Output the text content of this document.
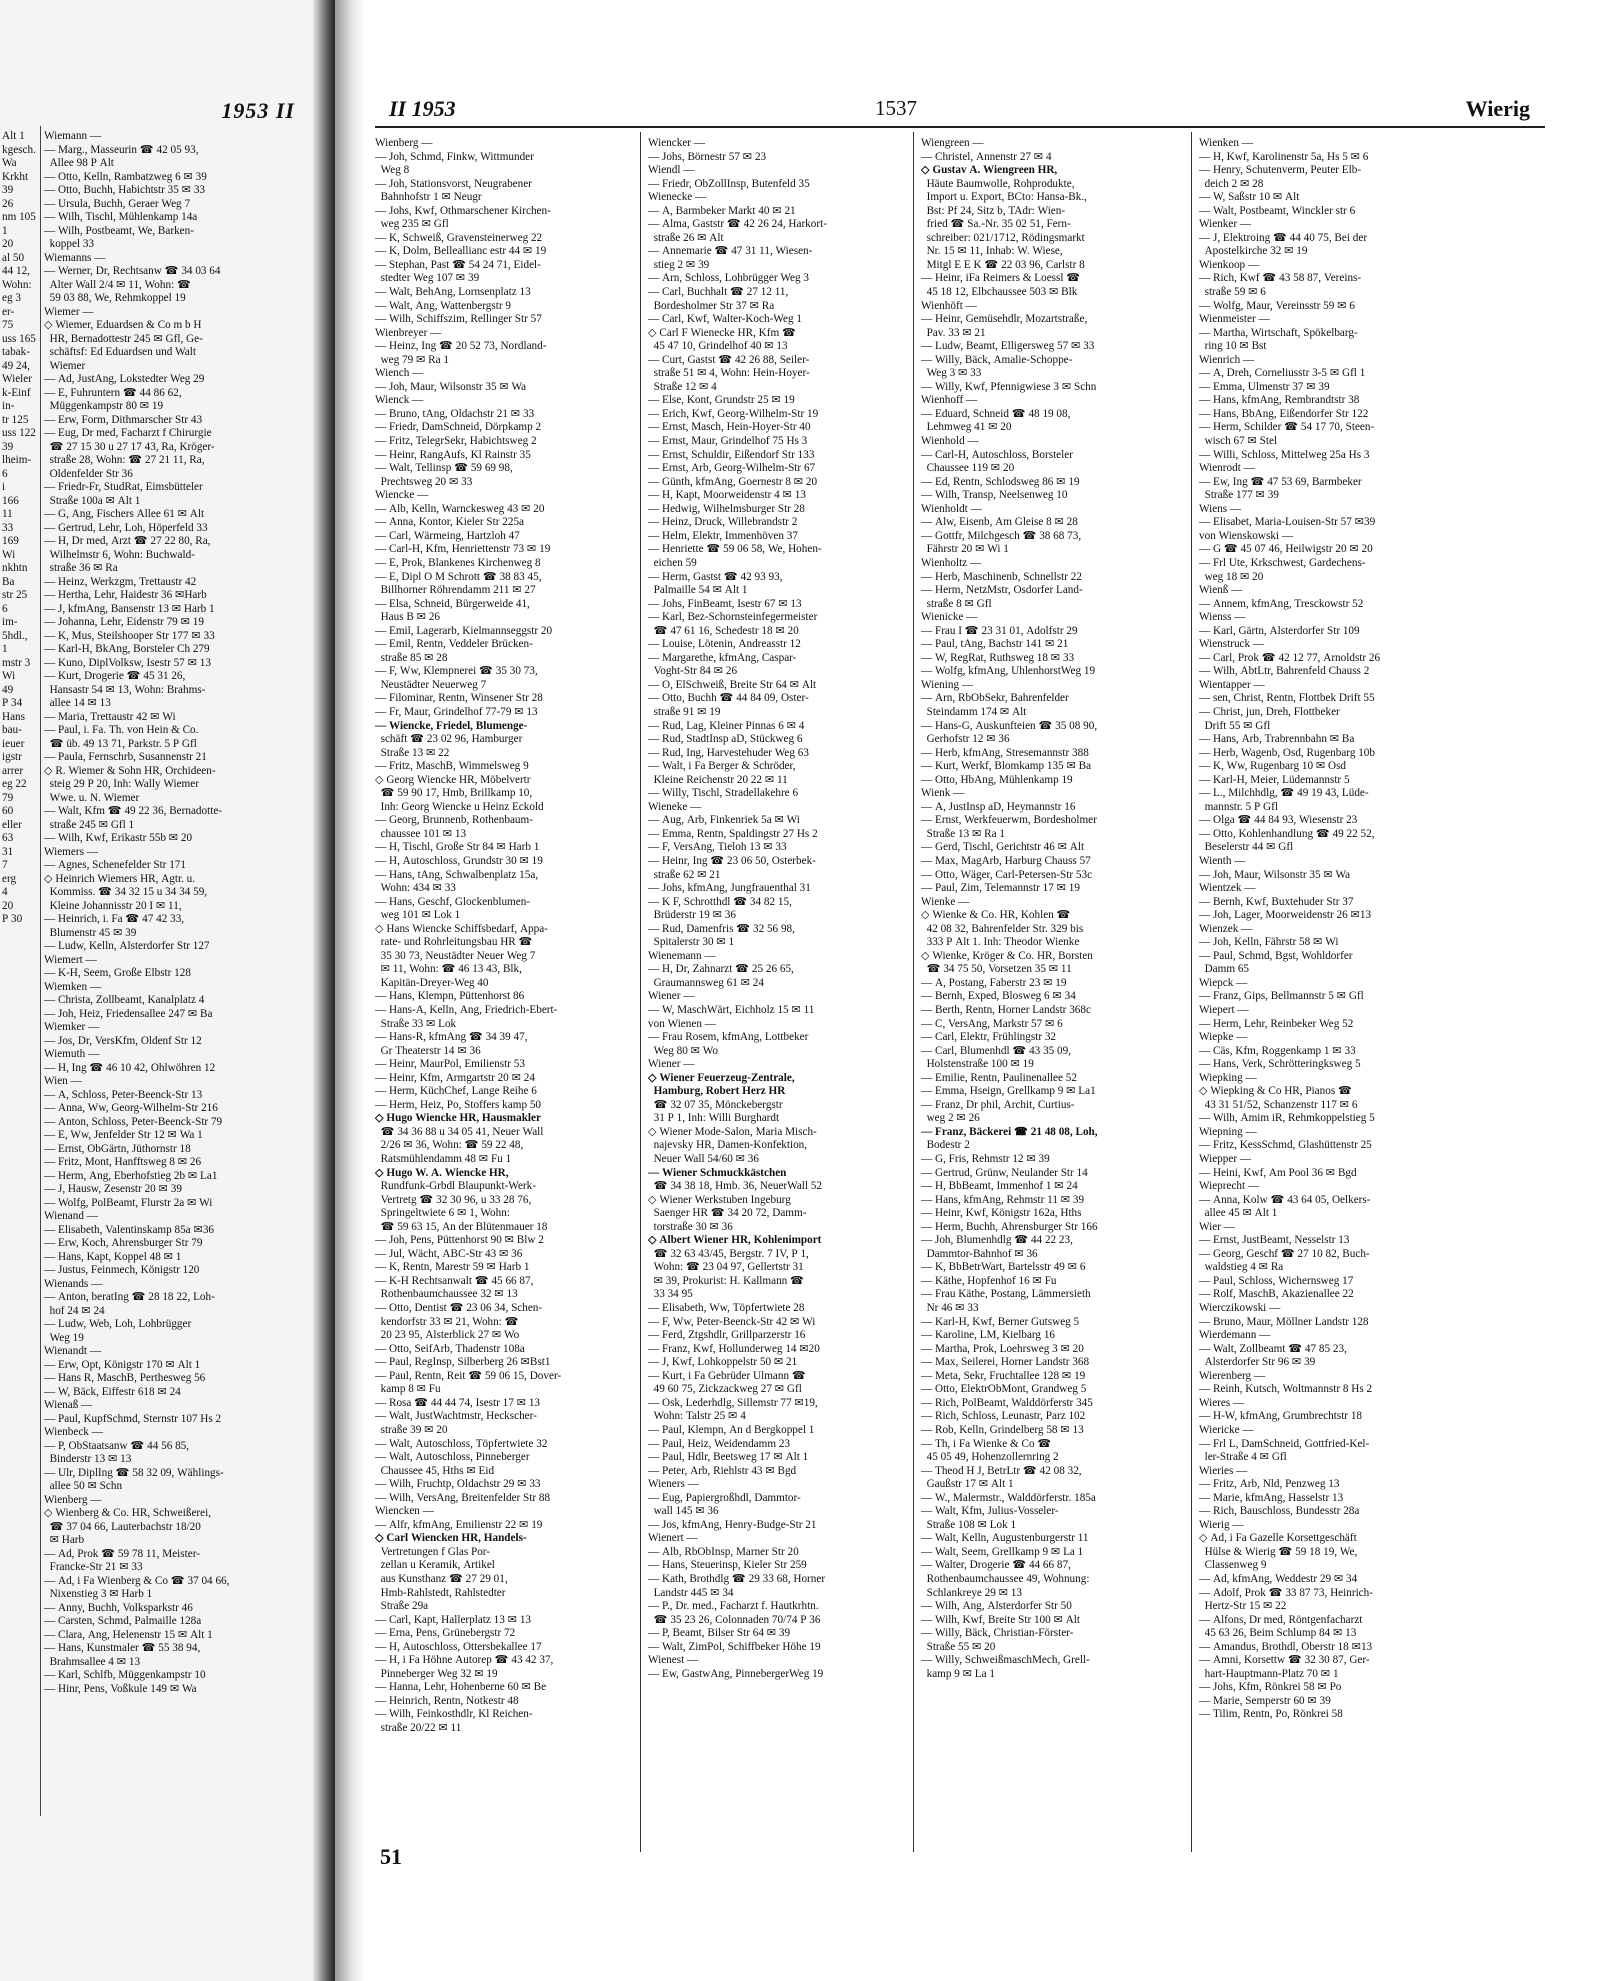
1953 II
Alt 1
kgesch.
Wa
Krkht
39
26
nm 105
1
20
al 50
44 12,
Wohn:
eg 3
er-
75
uss 165
tabak-
49 24,
Wieler
k-Einf
in-
tr 125
uss 122
39
lheim-
6
i
166
11
33
169
Wi
nkhtn
Ba
str 25
6
im-
5hdl.,
1
mstr 3
Wi
49
P 34
Hans
bau-
ieuer
igstr
arrer
eg 22
79
60
eller
63
31
7
erg
4
20
P 30
Wiemann —
— Marg., Masseurin ☎ 42 05 93,
Allee 98 P Alt
— Otto, Kelln, Rambatzweg 6 ✉ 39
— Otto, Buchh, Habichtstr 35 ✉ 33
— Ursula, Buchh, Geraer Weg 7
— Wilh, Tischl, Mühlenkamp 14a
— Wilh, Postbeamt, We, Barken-
koppel 33
Wiemanns —
— Werner, Dr, Rechtsanw ☎ 34 03 64
Alter Wall 2/4 ✉ 11, Wohn: ☎
59 03 88, We, Rehmkoppel 19
Wiemer —
◇ Wiemer, Eduardsen & Co m b H
HR, Bernadottestr 245 ✉ Gfl, Ge-
schäftsf: Ed Eduardsen und Walt
Wiemer
— Ad, JustAng, Lokstedter Weg 29
— E, Fuhruntern ☎ 44 86 62,
Müggenkampstr 80 ✉ 19
— Erw, Form, Dithmarscher Str 43
— Eug, Dr med, Facharzt f Chirurgie
☎ 27 15 30 u 27 17 43, Ra, Kröger-
straße 28, Wohn: ☎ 27 21 11, Ra,
Oldenfelder Str 36
— Friedr-Fr, StudRat, Eimsbütteler
Straße 100a ✉ Alt 1
— G, Ang, Fischers Allee 61 ✉ Alt
— Gertrud, Lehr, Loh, Höperfeld 33
— H, Dr med, Arzt ☎ 27 22 80, Ra,
Wilhelmstr 6, Wohn: Buchwald-
straße 36 ✉ Ra
— Heinz, Werkzgm, Trettaustr 42
— Hertha, Lehr, Haidestr 36 ✉Harb
— J, kfmAng, Bansenstr 13 ✉ Harb 1
— Johanna, Lehr, Eidenstr 79 ✉ 19
— K, Mus, Steilshooper Str 177 ✉ 33
— Karl-H, BkAng, Borsteler Ch 279
— Kuno, DiplVolksw, Isestr 57 ✉ 13
— Kurt, Drogerie ☎ 45 31 26,
Hansastr 54 ✉ 13, Wohn: Brahms-
allee 14 ✉ 13
— Maria, Trettaustr 42 ✉ Wi
— Paul, i. Fa. Th. von Hein & Co.
☎ üb. 49 13 71, Parkstr. 5 P Gfl
— Paula, Fernschrb, Susannenstr 21
◇ R. Wiemer & Sohn HR, Orchideen-
steig 29 P 20, Inh: Wally Wiemer
Wwe. u. N. Wiemer
— Walt, Kfm ☎ 49 22 36, Bernadotte-
straße 245 ✉ Gfl 1
— Wilh, Kwf, Erikastr 55b ✉ 20
Wiemers —
— Agnes, Schenefelder Str 171
◇ Heinrich Wiemers HR, Agtr. u.
Kommiss. ☎ 34 32 15 u 34 34 59,
Kleine Johannisstr 20 I ✉ 11,
— Heinrich, i. Fa ☎ 47 42 33,
Blumenstr 45 ✉ 39
— Ludw, Kelln, Alsterdorfer Str 127
Wiemert —
— K-H, Seem, Große Elbstr 128
Wiemken —
— Christa, Zollbeamt, Kanalplatz 4
— Joh, Heiz, Friedensallee 247 ✉ Ba
Wiemker —
— Jos, Dr, VersKfm, Oldenf Str 12
Wiemuth —
— H, Ing ☎ 46 10 42, Ohlwöhren 12
Wien —
— A, Schloss, Peter-Beenck-Str 13
— Anna, Ww, Georg-Wilhelm-Str 216
— Anton, Schloss, Peter-Beenck-Str 79
— E, Ww, Jenfelder Str 12 ✉ Wa 1
— Ernst, ObGärtn, Jüthornstr 18
— Fritz, Mont, Hanfftsweg 8 ✉ 26
— Herm, Ang, Eberhofstieg 2b ✉ La1
— J, Hausw, Zesenstr 20 ✉ 39
— Wolfg, PolBeamt, Flurstr 2a ✉ Wi
Wienand —
— Elisabeth, Valentinskamp 85a ✉36
— Erw, Koch, Ahrensburger Str 79
— Hans, Kapt, Koppel 48 ✉ 1
— Justus, Feinmech, Königstr 120
Wienands —
— Anton, beratIng ☎ 28 18 22, Loh-
hof 24 ✉ 24
— Ludw, Web, Loh, Lohbrügger
Weg 19
Wienandt —
— Erw, Opt, Königstr 170 ✉ Alt 1
— Hans R, MaschB, Perthesweg 56
— W, Bäck, Eiffestr 618 ✉ 24
Wienaß —
— Paul, KupfSchmd, Sternstr 107 Hs 2
Wienbeck —
— P, ObStaatsanw ☎ 44 56 85,
Binderstr 13 ✉ 13
— Ulr, DiplIng ☎ 58 32 09, Wählings-
allee 50 ✉ Schn
Wienberg —
◇ Wienberg & Co. HR, Schweißerei,
☎ 37 04 66, Lauterbachstr 18/20
✉ Harb
— Ad, Prok ☎ 59 78 11, Meister-
Francke-Str 21 ✉ 33
— Ad, i Fa Wienberg & Co ☎ 37 04 66,
Nixenstieg 3 ✉ Harb 1
— Anny, Buchh, Volksparkstr 46
— Carsten, Schmd, Palmaille 128a
— Clara, Ang, Helenenstr 15 ✉ Alt 1
— Hans, Kunstmaler ☎ 55 38 94,
Brahmsallee 4 ✉ 13
— Karl, Schlfb, Müggenkampstr 10
— Hinr, Pens, Voßkule 149 ✉ Wa
II 1953	1537	Wierig
Wienberg —
— Joh, Schmd, Finkw, Wittmunder
Weg 8
— Joh, Stationsvorst, Neugrabener
Bahnhofstr 1 ✉ Neugr
— Johs, Kwf, Othmarschener Kirchen-
weg 235 ✉ Gfl
— K, Schweiß, Gravensteinerweg 22
— K, Dolm, Belleallianc estr 44 ✉ 19
— Stephan, Past ☎ 54 24 71, Eidel-
stedter Weg 107 ✉ 39
— Walt, BehAng, Lornsenplatz 13
— Walt, Ang, Wattenbergstr 9
— Wilh, Schiffszim, Rellinger Str 57
Wienbreyer —
— Heinz, Ing ☎ 20 52 73, Nordland-
weg 79 ✉ Ra 1
Wiench —
— Joh, Maur, Wilsonstr 35 ✉ Wa
Wienck —
— Bruno, tAng, Oldachstr 21 ✉ 33
— Friedr, DamSchneid, Dörpkamp 2
— Fritz, TelegrSekr, Habichtsweg 2
— Heinr, RangAufs, Kl Rainstr 35
— Walt, Tellinsp ☎ 59 69 98,
Prechtsweg 20 ✉ 33
Wiencke —
— Alb, Kelln, Warnckesweg 43 ✉ 20
— Anna, Kontor, Kieler Str 225a
— Carl, Wärmeing, Hartzloh 47
— Carl-H, Kfm, Henriettenstr 73 ✉ 19
— E, Prok, Blankenes Kirchenweg 8
— E, Dipl O M Schrott ☎ 38 83 45,
Billhorner Röhrendamm 211 ✉ 27
— Elsa, Schneid, Bürgerweide 41,
Haus B ✉ 26
— Emil, Lagerarb, Kielmannseggstr 20
— Emil, Rentn, Veddeler Brücken-
straße 85 ✉ 28
— F, Ww, Klempnerei ☎ 35 30 73,
Neustädter Neuerweg 7
— Filominar, Rentn, Winsener Str 28
— Fr, Maur, Grindelhof 77-79 ✉ 13
— Wiencke, Friedel, Blumenge-
schäft ☎ 23 02 96, Hamburger
Straße 13 ✉ 22
— Fritz, MaschB, Wimmelsweg 9
◇ Georg Wiencke HR, Möbelvertr
☎ 59 90 17, Hmb, Brillkamp 10,
Inh: Georg Wiencke u Heinz Eckold
— Georg, Brunnenb, Rothenbaum-
chaussee 101 ✉ 13
— H, Tischl, Große Str 84 ✉ Harb 1
— H, Autoschloss, Grundstr 30 ✉ 19
— Hans, tAng, Schwalbenplatz 15a,
Wohn: 434 ✉ 33
— Hans, Geschf, Glockenblumen-
weg 101 ✉ Lok 1
◇ Hans Wiencke Schiffsbedarf, Appa-
rate- und Rohrleitungsbau HR ☎
35 30 73, Neustädter Neuer Weg 7
✉ 11, Wohn: ☎ 46 13 43, Blk,
Kapitän-Dreyer-Weg 40
— Hans, Klempn, Püttenhorst 86
— Hans-A, Kelln, Ang, Friedrich-Ebert-
Straße 33 ✉ Lok
— Hans-R, kfmAng ☎ 34 39 47,
Gr Theaterstr 14 ✉ 36
— Heinr, MaurPol, Emilienstr 53
— Heinr, Kfm, Armgartstr 20 ✉ 24
— Herm, KüchChef, Lange Reihe 6
— Herm, Heiz, Po, Stoffers kamp 50
◇ Hugo Wiencke HR, Hausmakler
☎ 34 36 88 u 34 05 41, Neuer Wall
2/26 ✉ 36, Wohn: ☎ 59 22 48,
Ratsmühlendamm 48 ✉ Fu 1
◇ Hugo W. A. Wiencke HR,
Rundfunk-Grbdl Blaupunkt-Werk-
Vertretg ☎ 32 30 96, u 33 28 76,
Springeltwiete 6 ✉ 1, Wohn:
☎ 59 63 15, An der Blütenmauer 18
— Joh, Pens, Püttenhorst 90 ✉ Blw 2
— Jul, Wächt, ABC-Str 43 ✉ 36
— K, Rentn, Marestr 59 ✉ Harb 1
— K-H Rechtsanwalt ☎ 45 66 87,
Rothenbaumchaussee 32 ✉ 13
— Otto, Dentist ☎ 23 06 34, Schen-
kendorfstr 33 ✉ 21, Wohn: ☎
20 23 95, Alsterblick 27 ✉ Wo
— Otto, SeifArb, Thadenstr 108a
— Paul, RegInsp, Silberberg 26 ✉Bst1
— Paul, Rentn, Reit ☎ 59 06 15, Dover-
kamp 8 ✉ Fu
— Rosa ☎ 44 44 74, Isestr 17 ✉ 13
— Walt, JustWachtmstr, Heckscher-
straße 39 ✉ 20
— Walt, Autoschloss, Töpfertwiete 32
— Walt, Autoschloss, Pinneberger
Chaussee 45, Hths ✉ Eid
— Wilh, Fruchtp, Oldachstr 29 ✉ 33
— Wilh, VersAng, Breitenfelder Str 88
Wiencken —
— Alfr, kfmAng, Emilienstr 22 ✉ 19
◇ Carl Wiencken HR, Handels-
Vertretungen f Glas Por-
zellan u Keramik, Artikel
aus Kunsthanz ☎ 27 29 01,
Hmb-Rahlstedt, Rahlstedter
Straße 29a
— Carl, Kapt, Hallerplatz 13 ✉ 13
— Erna, Pens, Grünebergstr 72
— H, Autoschloss, Ottersbekallee 17
— H, i Fa Höhne Autorep ☎ 43 42 37,
Pinneberger Weg 32 ✉ 19
— Hanna, Lehr, Hohenberne 60 ✉ Be
— Heinrich, Rentn, Notkestr 48
— Wilh, Feinkosthdlr, Kl Reichen-
straße 20/22 ✉ 11
Wiencker —
— Johs, Börnestr 57 ✉ 23
Wiendl —
— Friedr, ObZollInsp, Butenfeld 35
Wienecke —
— A, Barmbeker Markt 40 ✉ 21
— Alma, Gaststr ☎ 42 26 24, Harkort-
straße 26 ✉ Alt
— Annemarie ☎ 47 31 11, Wiesen-
stieg 2 ✉ 39
— Arn, Schloss, Lohbrügger Weg 3
— Carl, Buchhalt ☎ 27 12 11,
Bordesholmer Str 37 ✉ Ra
— Carl, Kwf, Walter-Koch-Weg 1
◇ Carl F Wienecke HR, Kfm ☎
45 47 10, Grindelhof 40 ✉ 13
— Curt, Gastst ☎ 42 26 88, Seiler-
straße 51 ✉ 4, Wohn: Hein-Hoyer-
Straße 12 ✉ 4
— Else, Kont, Grundstr 25 ✉ 19
— Erich, Kwf, Georg-Wilhelm-Str 19
— Ernst, Masch, Hein-Hoyer-Str 40
— Ernst, Maur, Grindelhof 75 Hs 3
— Ernst, Schuldir, Eißendorf Str 133
— Ernst, Arb, Georg-Wilhelm-Str 67
— Günth, kfmAng, Goernestr 8 ✉ 20
— H, Kapt, Moorweidenstr 4 ✉ 13
— Hedwig, Wilhelmsburger Str 28
— Heinz, Druck, Willebrandstr 2
— Helm, Elektr, Immenhöven 37
— Henriette ☎ 59 06 58, We, Hohen-
eichen 59
— Herm, Gastst ☎ 42 93 93,
Palmaille 54 ✉ Alt 1
— Johs, FinBeamt, Isestr 67 ✉ 13
— Karl, Bez-Schornsteinfegermeister
☎ 47 61 16, Schedestr 18 ✉ 20
— Louise, Lötenin, Andreasstr 12
— Margarethe, kfmAng, Caspar-
Voght-Str 84 ✉ 26
— O, ElSchweiß, Breite Str 64 ✉ Alt
— Otto, Buchh ☎ 44 84 09, Oster-
straße 91 ✉ 19
— Rud, Lag, Kleiner Pinnas 6 ✉ 4
— Rud, StadtInsp aD, Stückweg 6
— Rud, Ing, Harvestehuder Weg 63
— Walt, i Fa Berger & Schröder,
Kleine Reichenstr 20 22 ✉ 11
— Willy, Tischl, Stradellakehre 6
Wieneke —
— Aug, Arb, Finkenriek 5a ✉ Wi
— Emma, Rentn, Spaldingstr 27 Hs 2
— F, VersAng, Tieloh 13 ✉ 33
— Heinr, Ing ☎ 23 06 50, Osterbek-
straße 62 ✉ 21
— Johs, kfmAng, Jungfrauenthal 31
— K F, Schrotthdl ☎ 34 82 15,
Brüderstr 19 ✉ 36
— Rud, Damenfris ☎ 32 56 98,
Spitalerstr 30 ✉ 1
Wienemann —
— H, Dr, Zahnarzt ☎ 25 26 65,
Graumannsweg 61 ✉ 24
Wiener —
— W, MaschWärt, Eichholz 15 ✉ 11
von Wienen —
— Frau Rosem, kfmAng, Lottbeker
Weg 80 ✉ Wo
Wiener —
◇ Wiener Feuerzeug-Zentrale,
Hamburg, Robert Herz HR
☎ 32 07 35, Mönckebergstr
31 P 1, Inh: Willi Burghardt
◇ Wiener Mode-Salon, Maria Misch-
najevsky HR, Damen-Konfektion,
Neuer Wall 54/60 ✉ 36
— Wiener Schmuckkästchen
☎ 34 38 18, Hmb. 36, NeuerWall 52
◇ Wiener Werkstuben Ingeburg
Saenger HR ☎ 34 20 72, Damm-
torstraße 30 ✉ 36
◇ Albert Wiener HR, Kohlenimport
☎ 32 63 43/45, Bergstr. 7 IV, P 1,
Wohn: ☎ 23 04 97, Gellertstr 31
✉ 39, Prokurist: H. Kallmann ☎
33 34 95
— Elisabeth, Ww, Töpfertwiete 28
— F, Ww, Peter-Beenck-Str 42 ✉ Wi
— Ferd, Ztgshdlr, Grillparzerstr 16
— Franz, Kwf, Hollunderweg 14 ✉20
— J, Kwf, Lohkoppelstr 50 ✉ 21
— Kurt, i Fa Gebrüder Ulmann ☎
49 60 75, Zickzackweg 27 ✉ Gfl
— Osk, Lederhdlg, Sillemstr 77 ✉19,
Wohn: Talstr 25 ✉ 4
— Paul, Klempn, An d Bergkoppel 1
— Paul, Heiz, Weidendamm 23
— Paul, Hdlr, Beetsweg 17 ✉ Alt 1
— Peter, Arb, Riehlstr 43 ✉ Bgd
Wieners —
— Eug, Papiergroßhdl, Dammtor-
wall 145 ✉ 36
— Jos, kfmAng, Henry-Budge-Str 21
Wienert —
— Alb, RbObInsp, Marner Str 20
— Hans, Steuerinsp, Kieler Str 259
— Kath, Brothdlg ☎ 29 33 68, Horner
Landstr 445 ✉ 34
— P., Dr. med., Facharzt f. Hautkrhtn.
☎ 35 23 26, Colonnaden 70/74 P 36
— P, Beamt, Bilser Str 64 ✉ 39
— Walt, ZimPol, Schiffbeker Höhe 19
Wienest —
— Ew, GastwAng, PinnebergerWeg 19
Wiengreen —
— Christel, Annenstr 27 ✉ 4
◇ Gustav A. Wiengreen HR,
Häute Baumwolle, Rohprodukte,
Import u. Export, BCto: Hansa-Bk.,
Bst: Pf 24, Sitz b, TAdr: Wien-
fried ☎ Sa.-Nr. 35 02 51, Fern-
schreiber: 021/1712, Rödingsmarkt
Nr. 15 ✉ 11, Inhab: W. Wiese,
Mitgl E E K ☎ 22 03 96, Carlstr 8
— Heinr, iFa Reimers & Loessl ☎
45 18 12, Elbchaussee 503 ✉ Blk
Wienhöft —
— Heinr, Gemüsehdlr, Mozartstraße,
Pav. 33 ✉ 21
— Ludw, Beamt, Elligersweg 57 ✉ 33
— Willy, Bäck, Amalie-Schoppe-
Weg 3 ✉ 33
— Willy, Kwf, Pfennigwiese 3 ✉ Schn
Wienhoff —
— Eduard, Schneid ☎ 48 19 08,
Lehmweg 41 ✉ 20
Wienhold —
— Carl-H, Autoschloss, Borsteler
Chaussee 119 ✉ 20
— Ed, Rentn, Schlodsweg 86 ✉ 19
— Wilh, Transp, Neelsenweg 10
Wienholdt —
— Alw, Eisenb, Am Gleise 8 ✉ 28
— Gottfr, Milchgesch ☎ 38 68 73,
Fährstr 20 ✉ Wi 1
Wienholtz —
— Herb, Maschinenb, Schnellstr 22
— Herm, NetzMstr, Osdorfer Land-
straße 8 ✉ Gfl
Wienicke —
— Frau I ☎ 23 31 01, Adolfstr 29
— Paul, tAng, Bachstr 141 ✉ 21
— W, RegRat, Ruthsweg 18 ✉ 33
— Wolfg, kfmAng, UhlenhorstWeg 19
Wiening —
— Arn, RbObSekr, Bahrenfelder
Steindamm 174 ✉ Alt
— Hans-G, Auskunfteien ☎ 35 08 90,
Gerhofstr 12 ✉ 36
— Herb, kfmAng, Stresemannstr 388
— Kurt, Werkf, Blomkamp 135 ✉ Ba
— Otto, HbAng, Mühlenkamp 19
Wienk —
— A, JustInsp aD, Heymannstr 16
— Ernst, Werkfeuerwm, Bordesholmer
Straße 13 ✉ Ra 1
— Gerd, Tischl, Gerichtstr 46 ✉ Alt
— Max, MagArb, Harburg Chauss 57
— Otto, Wäger, Carl-Petersen-Str 53c
— Paul, Zim, Telemannstr 17 ✉ 19
Wienke —
◇ Wienke & Co. HR, Kohlen ☎
42 08 32, Bahrenfelder Str. 329 bis
333 P Alt 1. Inh: Theodor Wienke
◇ Wienke, Kröger & Co. HR, Borsten
☎ 34 75 50, Vorsetzen 35 ✉ 11
— A, Postang, Faberstr 23 ✉ 19
— Bernh, Exped, Blosweg 6 ✉ 34
— Berth, Rentn, Horner Landstr 368c
— C, VersAng, Markstr 57 ✉ 6
— Carl, Elektr, Frühlingstr 32
— Carl, Blumenhdl ☎ 43 35 09,
Holstenstraße 100 ✉ 19
— Emilie, Rentn, Paulinenallee 52
— Emma, Hseign, Grellkamp 9 ✉ La1
— Franz, Dr phil, Archit, Curtius-
weg 2 ✉ 26
— Franz, Bäckerei ☎ 21 48 08, Loh,
Bodestr 2
— G, Fris, Rehmstr 12 ✉ 39
— Gertrud, Grünw, Neulander Str 14
— H, BbBeamt, Immenhof 1 ✉ 24
— Hans, kfmAng, Rehmstr 11 ✉ 39
— Heinr, Kwf, Königstr 162a, Hths
— Herm, Buchh, Ahrensburger Str 166
— Joh, Blumenhdlg ☎ 44 22 23,
Dammtor-Bahnhof ✉ 36
— K, BbBetrWart, Bartelsstr 49 ✉ 6
— Käthe, Hopfenhof 16 ✉ Fu
— Frau Käthe, Postang, Lämmersieth
Nr 46 ✉ 33
— Karl-H, Kwf, Berner Gutsweg 5
— Karoline, LM, Kielbarg 16
— Martha, Prok, Loehrsweg 3 ✉ 20
— Max, Seilerei, Horner Landstr 368
— Meta, Sekr, Fruchtallee 128 ✉ 19
— Otto, ElektrObMont, Grandweg 5
— Rich, PolBeamt, Walddörferstr 345
— Rich, Schloss, Leunastr, Parz 102
— Rob, Kelln, Grindelberg 58 ✉ 13
— Th, i Fa Wienke & Co ☎
45 05 49, Hohenzollernring 2
— Theod H J, BetrLtr ☎ 42 08 32,
Gaußstr 17 ✉ Alt 1
— W., Malermstr., Walddörferstr. 185a
— Walt, Kfm, Julius-Vosseler-
Straße 108 ✉ Lok 1
— Walt, Kelln, Augustenburgerstr 11
— Walt, Seem, Grellkamp 9 ✉ La 1
— Walter, Drogerie ☎ 44 66 87,
Rothenbaumchaussee 49, Wohnung:
Schlankreye 29 ✉ 13
— Wilh, Ang, Alsterdorfer Str 50
— Wilh, Kwf, Breite Str 100 ✉ Alt
— Willy, Bäck, Christian-Förster-
Straße 55 ✉ 20
— Willy, SchweißmaschMech, Grell-
kamp 9 ✉ La 1
Wienken —
— H, Kwf, Karolinenstr 5a, Hs 5 ✉ 6
— Henry, Schutenverm, Peuter Elb-
deich 2 ✉ 28
— W, Saßstr 10 ✉ Alt
— Walt, Postbeamt, Winckler str 6
Wienker —
— J, Elektroing ☎ 44 40 75, Bei der
Apostelkirche 32 ✉ 19
Wienkoop —
— Rich, Kwf ☎ 43 58 87, Vereins-
straße 59 ✉ 6
— Wolfg, Maur, Vereinsstr 59 ✉ 6
Wienmeister —
— Martha, Wirtschaft, Spökelbarg-
ring 10 ✉ Bst
Wienrich —
— A, Dreh, Corneliusstr 3-5 ✉ Gfl 1
— Emma, Ulmenstr 37 ✉ 39
— Hans, kfmAng, Rembrandtstr 38
— Hans, BbAng, Eißendorfer Str 122
— Herm, Schilder ☎ 54 17 70, Steen-
wisch 67 ✉ Stel
— Willi, Schloss, Mittelweg 25a Hs 3
Wienrodt —
— Ew, Ing ☎ 47 53 69, Barmbeker
Straße 177 ✉ 39
Wiens —
— Elisabet, Maria-Louisen-Str 57 ✉39
von Wienskowski —
— G ☎ 45 07 46, Heilwigstr 20 ✉ 20
— Frl Ute, Krkschwest, Gardechens-
weg 18 ✉ 20
Wienß —
— Annem, kfmAng, Tresckowstr 52
Wienss —
— Karl, Gärtn, Alsterdorfer Str 109
Wienstruck —
— Carl, Prok ☎ 42 12 77, Arnoldstr 26
— Wilh, AbtLtr, Bahrenfeld Chauss 2
Wientapper —
— sen, Christ, Rentn, Flottbek Drift 55
— Christ, jun, Dreh, Flottbeker
Drift 55 ✉ Gfl
— Hans, Arb, Trabrennbahn ✉ Ba
— Herb, Wagenb, Osd, Rugenbarg 10b
— K, Ww, Rugenbarg 10 ✉ Osd
— Karl-H, Meier, Lüdemannstr 5
— L., Milchhdlg, ☎ 49 19 43, Lüde-
mannstr. 5 P Gfl
— Olga ☎ 44 84 93, Wiesenstr 23
— Otto, Kohlenhandlung ☎ 49 22 52,
Beselerstr 44 ✉ Gfl
Wienth —
— Joh, Maur, Wilsonstr 35 ✉ Wa
Wientzek —
— Bernh, Kwf, Buxtehuder Str 37
— Joh, Lager, Moorweidenstr 26 ✉13
Wienzek —
— Joh, Kelln, Fährstr 58 ✉ Wi
— Paul, Schmd, Bgst, Wohldorfer
Damm 65
Wiepck —
— Franz, Gips, Bellmannstr 5 ✉ Gfl
Wiepert —
— Herm, Lehr, Reinbeker Weg 52
Wiepke —
— Cäs, Kfm, Roggenkamp 1 ✉ 33
— Hans, Verk, Schrötteringksweg 5
Wiepking —
◇ Wiepking & Co HR, Pianos ☎
43 31 51/52, Schanzenstr 117 ✉ 6
— Wilh, Amim iR, Rehmkoppelstieg 5
Wiepning —
— Fritz, KessSchmd, Glashüttenstr 25
Wiepper —
— Heini, Kwf, Am Pool 36 ✉ Bgd
Wieprecht —
— Anna, Kolw ☎ 43 64 05, Oelkers-
allee 45 ✉ Alt 1
Wier —
— Ernst, JustBeamt, Nesselstr 13
— Georg, Geschf ☎ 27 10 82, Buch-
waldstieg 4 ✉ Ra
— Paul, Schloss, Wichernsweg 17
— Rolf, MaschB, Akazienallee 22
Wierczikowski —
— Bruno, Maur, Möllner Landstr 128
Wierdemann —
— Walt, Zollbeamt ☎ 47 85 23,
Alsterdorfer Str 96 ✉ 39
Wierenberg —
— Reinh, Kutsch, Woltmannstr 8 Hs 2
Wieres —
— H-W, kfmAng, Grumbrechtstr 18
Wiericke —
— Frl L, DamSchneid, Gottfried-Kel-
ler-Straße 4 ✉ Gfl
Wieries —
— Fritz, Arb, Nld, Penzweg 13
— Marie, kfmAng, Hasselstr 13
— Rich, Bauschloss, Bundesstr 28a
Wierig —
◇ Ad, i Fa Gazelle Korsettgeschäft
Hülse & Wierig ☎ 59 18 19, We,
Classenweg 9
— Ad, kfmAng, Weddestr 29 ✉ 34
— Adolf, Prok ☎ 33 87 73, Heinrich-
Hertz-Str 15 ✉ 22
— Alfons, Dr med, Röntgenfacharzt
45 63 26, Beim Schlump 84 ✉ 13
— Amandus, Brothdl, Oberstr 18 ✉13
— Amni, Korsettw ☎ 32 30 87, Ger-
hart-Hauptmann-Platz 70 ✉ 1
— Johs, Kfm, Rönkrei 58 ✉ Po
— Marie, Semperstr 60 ✉ 39
— Tilim, Rentn, Po, Rönkrei 58
51
